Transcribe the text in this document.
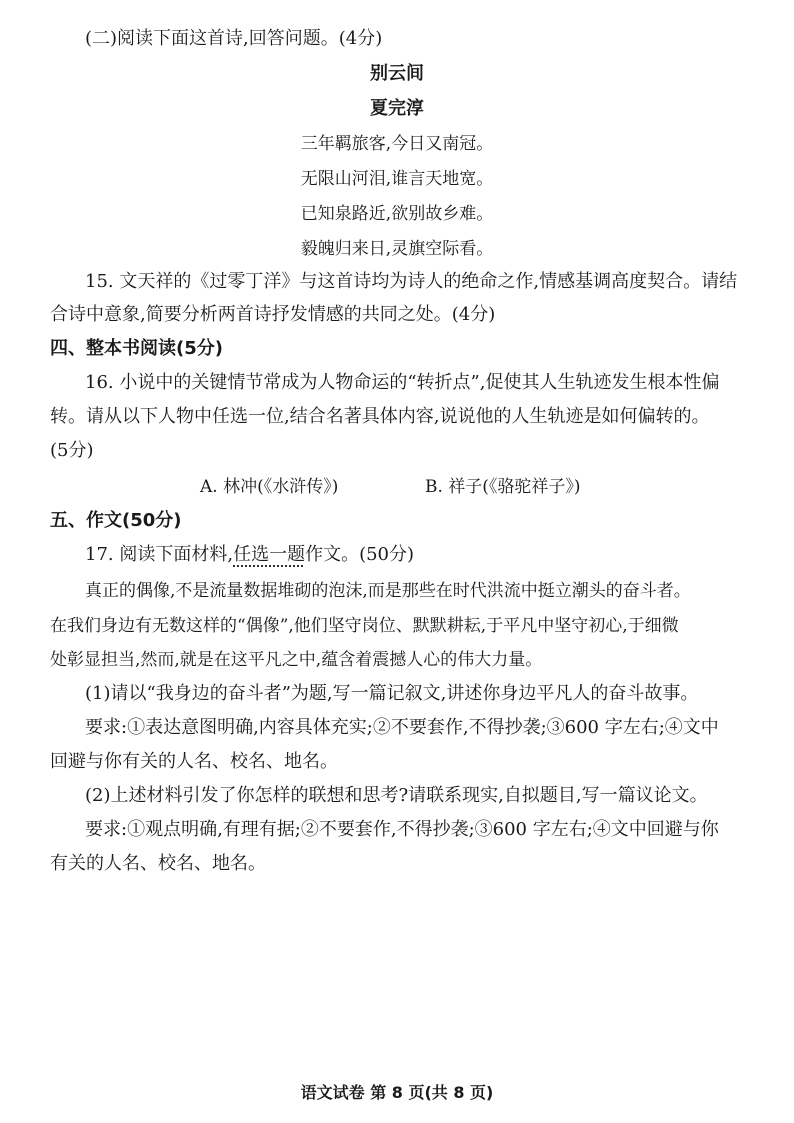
(二)阅读下面这首诗,回答问题。(4分)
别云间
夏完淳
三年羁旅客,今日又南冠。
无限山河泪,谁言天地宽。
已知泉路近,欲别故乡难。
毅魄归来日,灵旗空际看。
15. 文天祥的《过零丁洋》与这首诗均为诗人的绝命之作,情感基调高度契合。请结
合诗中意象,简要分析两首诗抒发情感的共同之处。(4分)
四、整本书阅读(5分)
16. 小说中的关键情节常成为人物命运的“转折点”,促使其人生轨迹发生根本性偏
转。请从以下人物中任选一位,结合名著具体内容,说说他的人生轨迹是如何偏转的。
(5分)
A. 林冲(《水浒传》)	B. 祥子(《骆驼祥子》)
五、作文(50分)
17. 阅读下面材料,任选一题作文。(50分)
真正的偶像,不是流量数据堆砌的泡沫,而是那些在时代洪流中挺立潮头的奋斗者。
在我们身边有无数这样的“偶像”,他们坚守岗位、默默耕耘,于平凡中坚守初心,于细微
处彰显担当,然而,就是在这平凡之中,蕴含着震撼人心的伟大力量。
(1)请以“我身边的奋斗者”为题,写一篇记叙文,讲述你身边平凡人的奋斗故事。
要求:①表达意图明确,内容具体充实;②不要套作,不得抄袭;③600 字左右;④文中
回避与你有关的人名、校名、地名。
(2)上述材料引发了你怎样的联想和思考?请联系现实,自拟题目,写一篇议论文。
要求:①观点明确,有理有据;②不要套作,不得抄袭;③600 字左右;④文中回避与你
有关的人名、校名、地名。
语文试卷 第 8 页(共 8 页)
